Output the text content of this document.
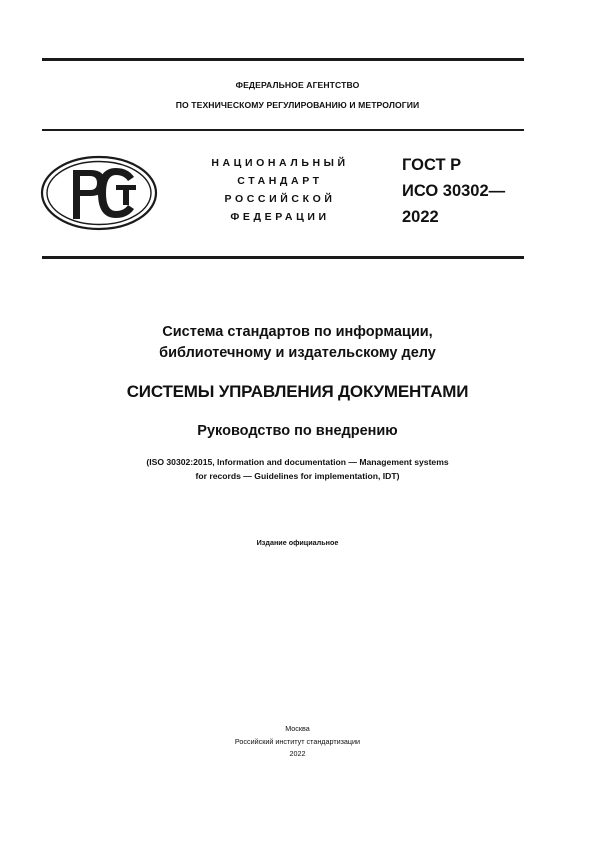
ФЕДЕРАЛЬНОЕ АГЕНТСТВО
ПО ТЕХНИЧЕСКОМУ РЕГУЛИРОВАНИЮ И МЕТРОЛОГИИ
НАЦИОНАЛЬНЫЙ
СТАНДАРТ
РОССИЙСКОЙ
ФЕДЕРАЦИИ
ГОСТ Р
ИСО 30302—
2022
Система стандартов по информации,
библиотечному и издательскому делу
СИСТЕМЫ УПРАВЛЕНИЯ ДОКУМЕНТАМИ
Руководство по внедрению
(ISO 30302:2015, Information and documentation — Management systems
for records — Guidelines for implementation, IDT)
Издание официальное
Москва
Российский институт стандартизации
2022
